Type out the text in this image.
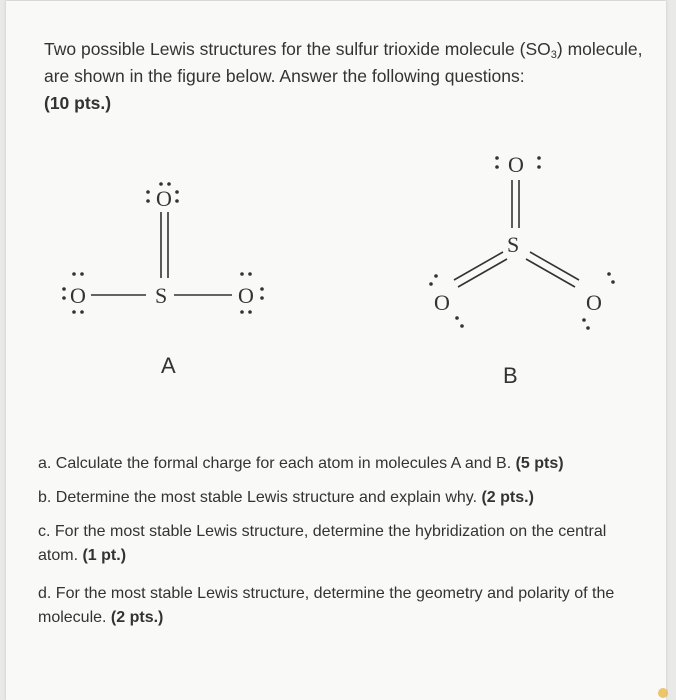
Two possible Lewis structures for the sulfur trioxide molecule $(SO_3)$ molecule, are shown in the figure below. Answer the following questions:
(10 pts.)
O
O	S	O
A
O
S
O	O
B
a. Calculate the formal charge for each atom in molecules A and B. (5 pts)
b. Determine the most stable Lewis structure and explain why. (2 pts.)
c. For the most stable Lewis structure, determine the hybridization on the central atom. (1 pt.)
d. For the most stable Lewis structure, determine the geometry and polarity of the molecule. (2 pts.)
